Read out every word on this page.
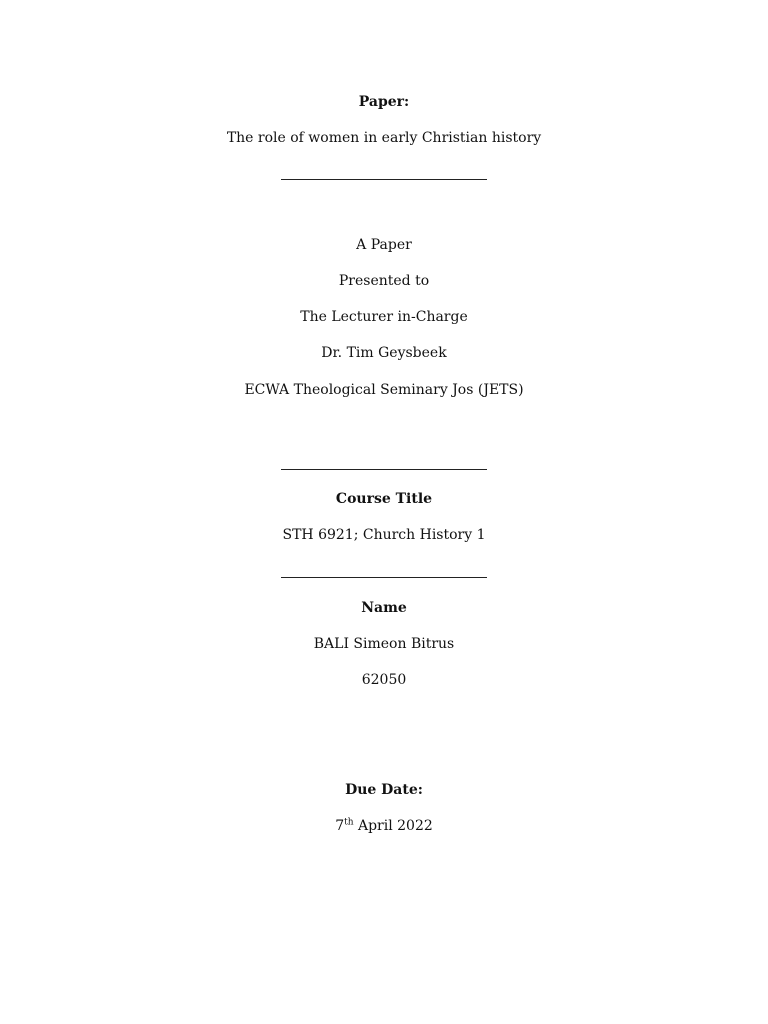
Paper:
The role of women in early Christian history
A Paper
Presented to
The Lecturer in-Charge
Dr. Tim Geysbeek
ECWA Theological Seminary Jos (JETS)
Course Title
STH 6921; Church History 1
Name
BALI Simeon Bitrus
62050
Due Date:
7th April 2022
